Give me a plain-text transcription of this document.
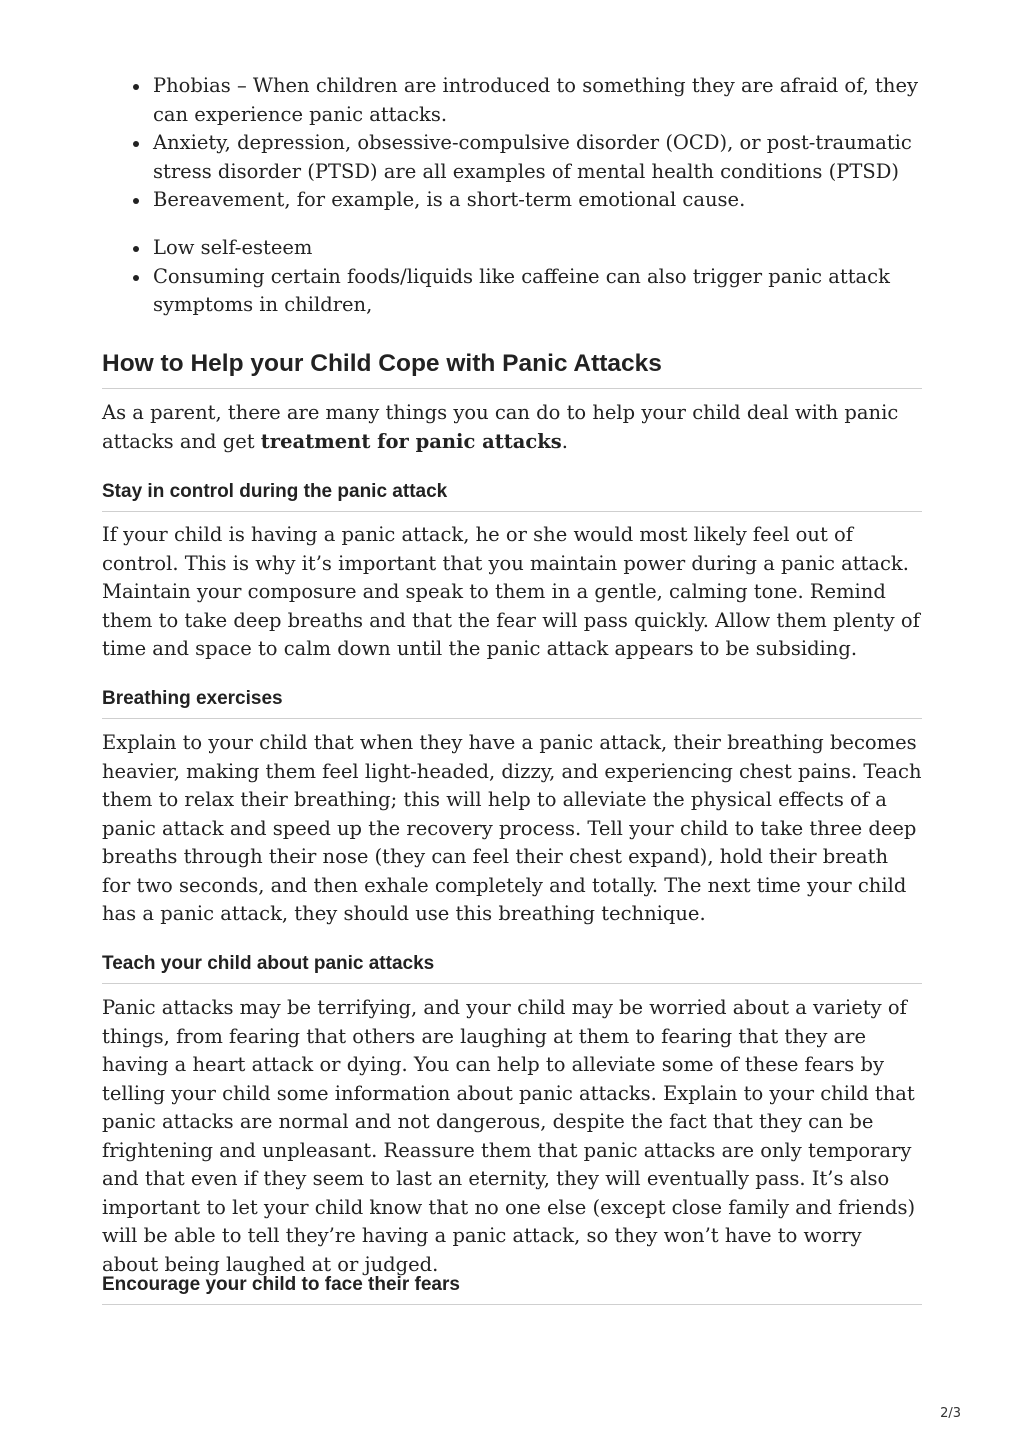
Phobias – When children are introduced to something they are afraid of, they can experience panic attacks.
Anxiety, depression, obsessive-compulsive disorder (OCD), or post-traumatic stress disorder (PTSD) are all examples of mental health conditions (PTSD)
Bereavement, for example, is a short-term emotional cause.
Low self-esteem
Consuming certain foods/liquids like caffeine can also trigger panic attack symptoms in children,
How to Help your Child Cope with Panic Attacks

As a parent, there are many things you can do to help your child deal with panic attacks and get treatment for panic attacks.

Stay in control during the panic attack

If your child is having a panic attack, he or she would most likely feel out of control. This is why it’s important that you maintain power during a panic attack. Maintain your composure and speak to them in a gentle, calming tone. Remind them to take deep breaths and that the fear will pass quickly. Allow them plenty of time and space to calm down until the panic attack appears to be subsiding.

Breathing exercises

Explain to your child that when they have a panic attack, their breathing becomes heavier, making them feel light-headed, dizzy, and experiencing chest pains. Teach them to relax their breathing; this will help to alleviate the physical effects of a panic attack and speed up the recovery process. Tell your child to take three deep breaths through their nose (they can feel their chest expand), hold their breath for two seconds, and then exhale completely and totally. The next time your child has a panic attack, they should use this breathing technique.

Teach your child about panic attacks

Panic attacks may be terrifying, and your child may be worried about a variety of things, from fearing that others are laughing at them to fearing that they are having a heart attack or dying. You can help to alleviate some of these fears by telling your child some information about panic attacks. Explain to your child that panic attacks are normal and not dangerous, despite the fact that they can be frightening and unpleasant. Reassure them that panic attacks are only temporary and that even if they seem to last an eternity, they will eventually pass. It’s also important to let your child know that no one else (except close family and friends) will be able to tell they’re having a panic attack, so they won’t have to worry about being laughed at or judged.

Encourage your child to face their fears
2/3
